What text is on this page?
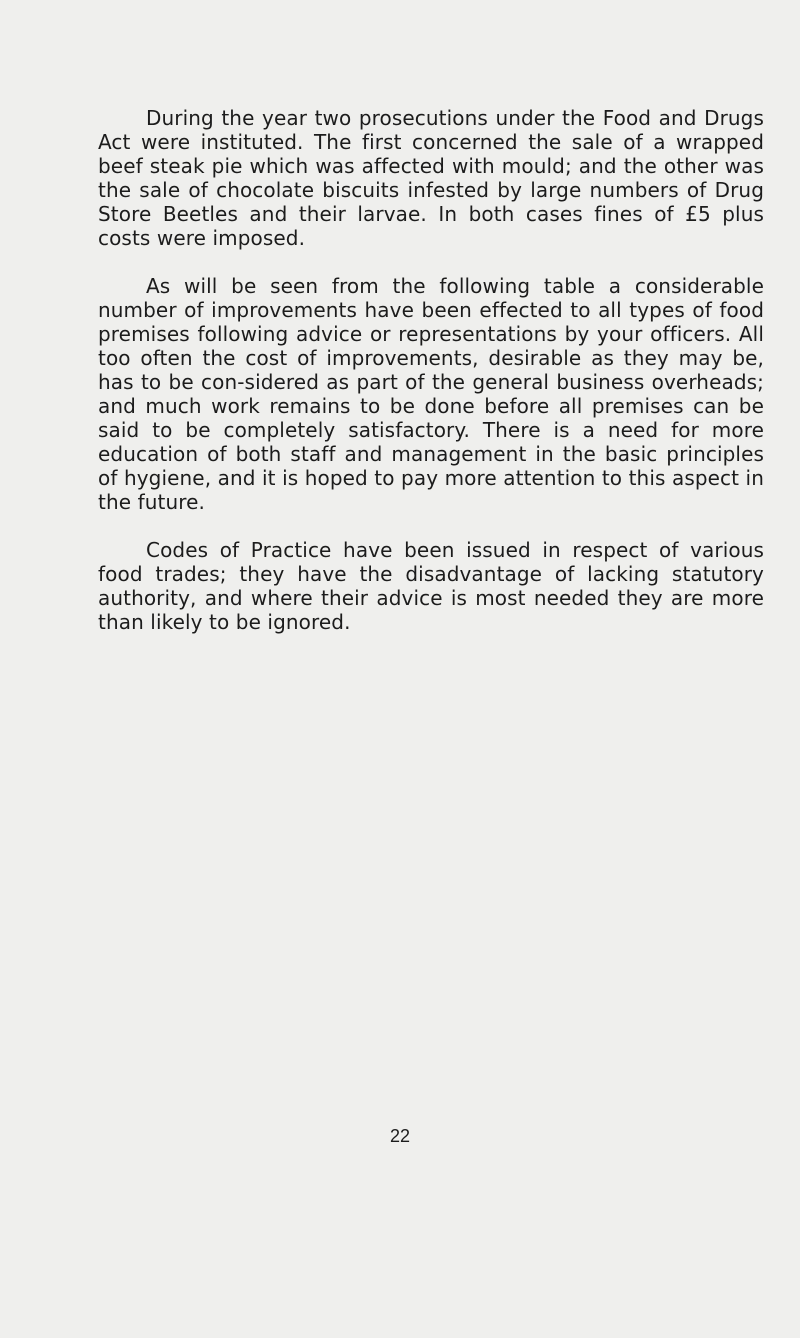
During the year two prosecutions under the Food and Drugs Act were instituted. The first concerned the sale of a wrapped beef steak pie which was affected with mould; and the other was the sale of chocolate biscuits infested by large numbers of Drug Store Beetles and their larvae. In both cases fines of £5 plus costs were imposed.

As will be seen from the following table a considerable number of improvements have been effected to all types of food premises following advice or representations by your officers. All too often the cost of improvements, desirable as they may be, has to be con-sidered as part of the general business overheads; and much work remains to be done before all premises can be said to be completely satisfactory. There is a need for more education of both staff and management in the basic principles of hygiene, and it is hoped to pay more attention to this aspect in the future.

Codes of Practice have been issued in respect of various food trades; they have the disadvantage of lacking statutory authority, and where their advice is most needed they are more than likely to be ignored.

22
